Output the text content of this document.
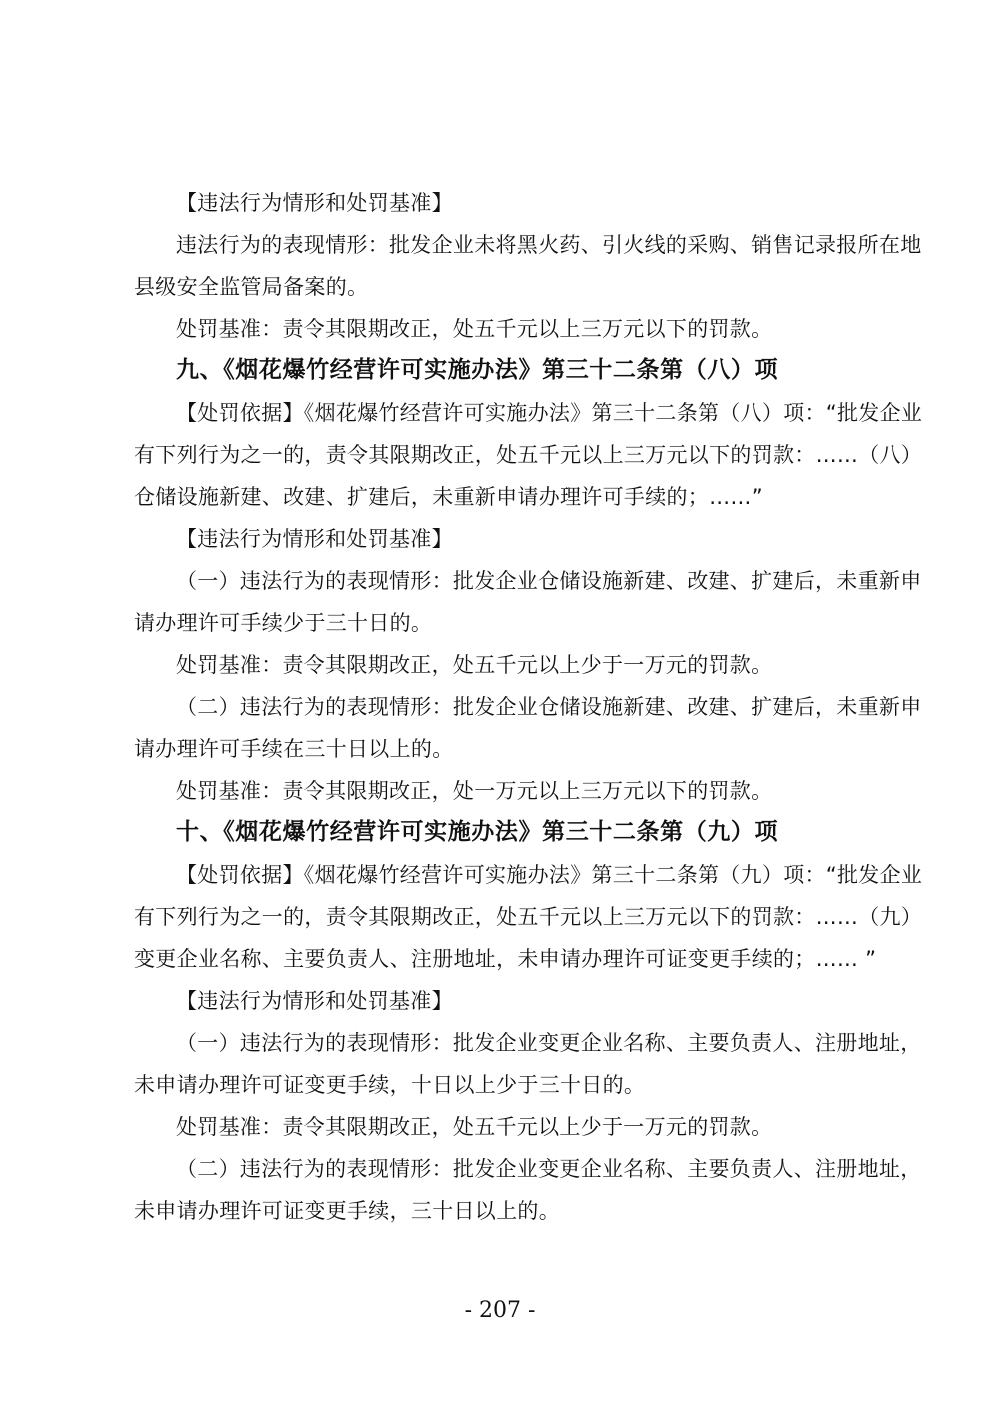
【违法行为情形和处罚基准】
违法行为的表现情形：批发企业未将黑火药、引火线的采购、销售记录报所在地
县级安全监管局备案的。
处罚基准：责令其限期改正，处五千元以上三万元以下的罚款。
九、《烟花爆竹经营许可实施办法》第三十二条第（八）项
【处罚依据】《烟花爆竹经营许可实施办法》第三十二条第（八）项：“批发企业
有下列行为之一的，责令其限期改正，处五千元以上三万元以下的罚款：……（八）
仓储设施新建、改建、扩建后，未重新申请办理许可手续的；……”
【违法行为情形和处罚基准】
（一）违法行为的表现情形：批发企业仓储设施新建、改建、扩建后，未重新申
请办理许可手续少于三十日的。
处罚基准：责令其限期改正，处五千元以上少于一万元的罚款。
（二）违法行为的表现情形：批发企业仓储设施新建、改建、扩建后，未重新申
请办理许可手续在三十日以上的。
处罚基准：责令其限期改正，处一万元以上三万元以下的罚款。
十、《烟花爆竹经营许可实施办法》第三十二条第（九）项
【处罚依据】《烟花爆竹经营许可实施办法》第三十二条第（九）项：“批发企业
有下列行为之一的，责令其限期改正，处五千元以上三万元以下的罚款：……（九）
变更企业名称、主要负责人、注册地址，未申请办理许可证变更手续的；…… ”
【违法行为情形和处罚基准】
（一）违法行为的表现情形：批发企业变更企业名称、主要负责人、注册地址，
未申请办理许可证变更手续，十日以上少于三十日的。
处罚基准：责令其限期改正，处五千元以上少于一万元的罚款。
（二）违法行为的表现情形：批发企业变更企业名称、主要负责人、注册地址，
未申请办理许可证变更手续，三十日以上的。
- 207 -
